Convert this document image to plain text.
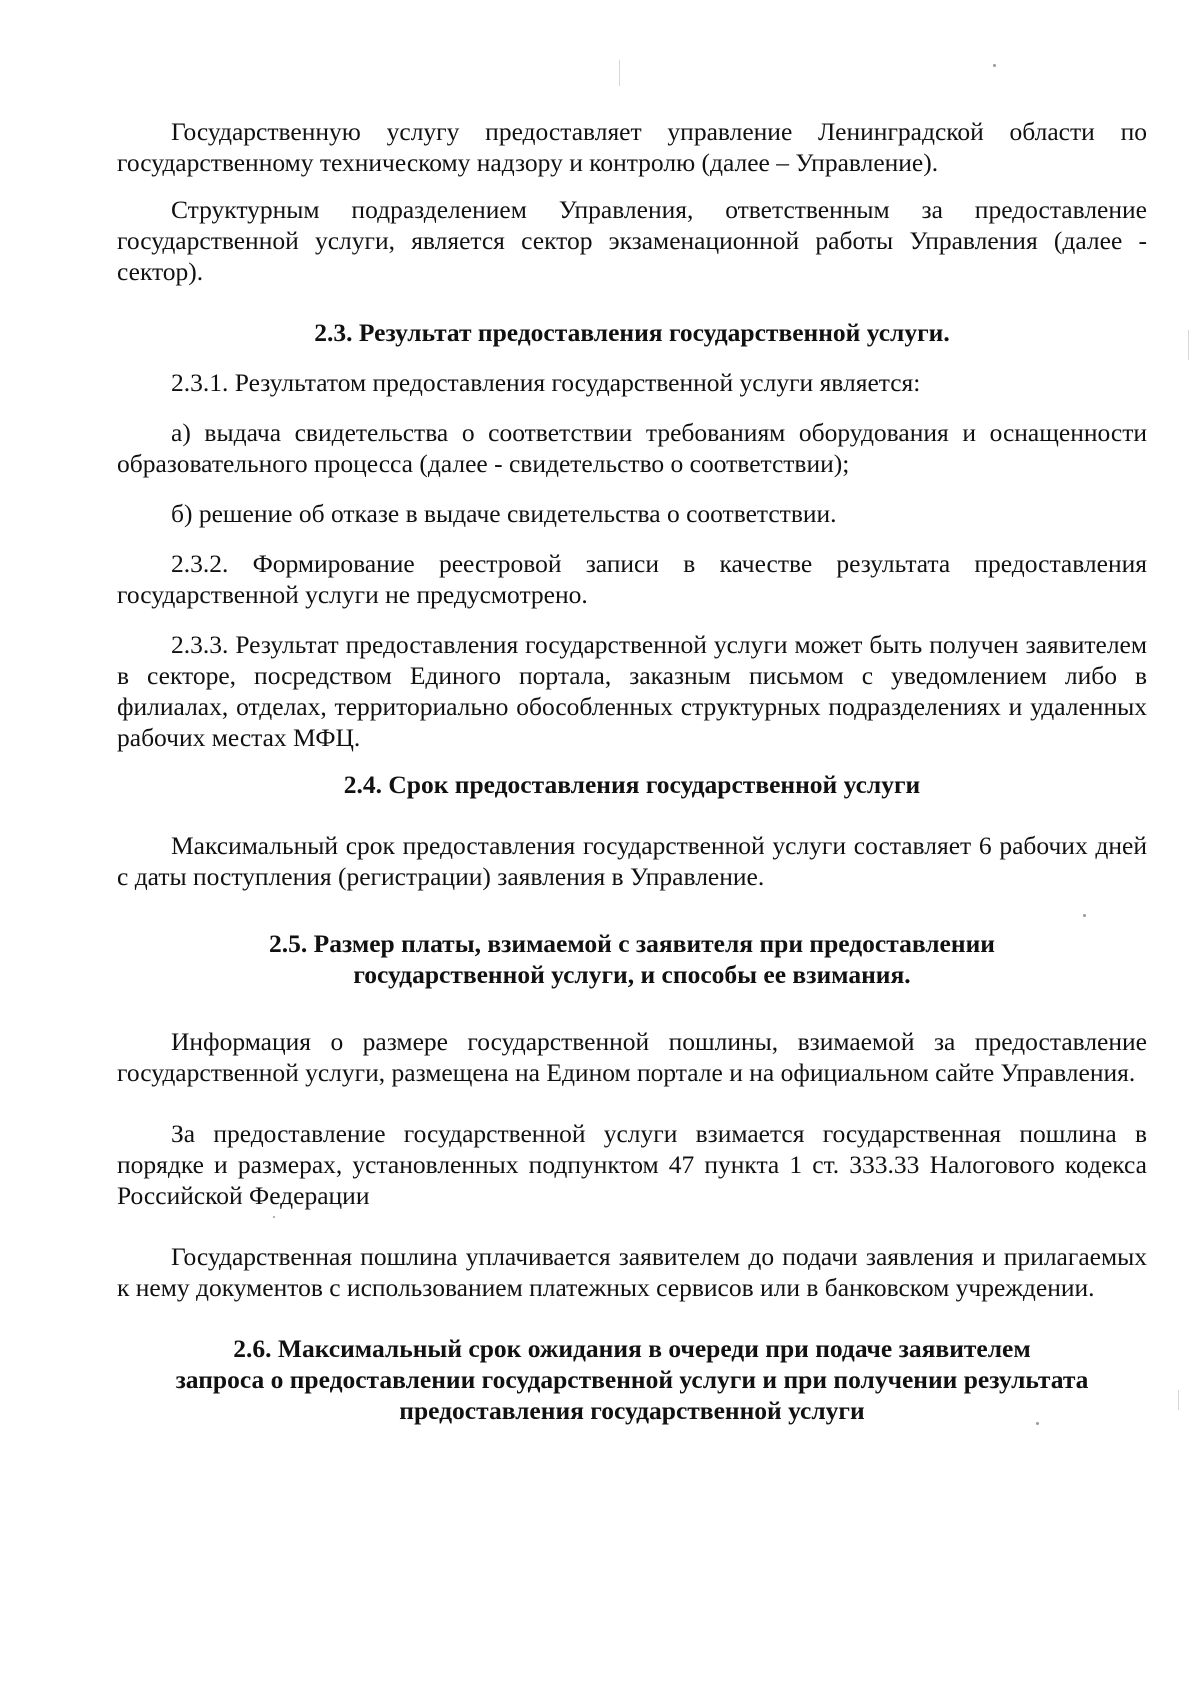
Государственную услугу предоставляет управление Ленинградской области по государственному техническому надзору и контролю (далее – Управление).

Структурным подразделением Управления, ответственным за предоставление государственной услуги, является сектор экзаменационной работы Управления (далее - сектор).

2.3. Результат предоставления государственной услуги.

2.3.1. Результатом предоставления государственной услуги является:

а) выдача свидетельства о соответствии требованиям оборудования и оснащенности образовательного процесса (далее - свидетельство о соответствии);

б) решение об отказе в выдаче свидетельства о соответствии.

2.3.2. Формирование реестровой записи в качестве результата предоставления государственной услуги не предусмотрено.

2.3.3. Результат предоставления государственной услуги может быть получен заявителем в секторе, посредством Единого портала, заказным письмом с уведомлением либо в филиалах, отделах, территориально обособленных структурных подразделениях и удаленных рабочих местах МФЦ.

2.4. Срок предоставления государственной услуги

Максимальный срок предоставления государственной услуги составляет 6 рабочих дней с даты поступления (регистрации) заявления в Управление.

2.5. Размер платы, взимаемой с заявителя при предоставлении
государственной услуги, и способы ее взимания.

Информация о размере государственной пошлины, взимаемой за предоставление государственной услуги, размещена на Едином портале и на официальном сайте Управления.

За предоставление государственной услуги взимается государственная пошлина в порядке и размерах, установленных подпунктом 47 пункта 1 ст. 333.33 Налогового кодекса Российской Федерации

Государственная пошлина уплачивается заявителем до подачи заявления и прилагаемых к нему документов с использованием платежных сервисов или в банковском учреждении.

2.6. Максимальный срок ожидания в очереди при подаче заявителем
запроса о предоставлении государственной услуги и при получении результата
предоставления государственной услуги
